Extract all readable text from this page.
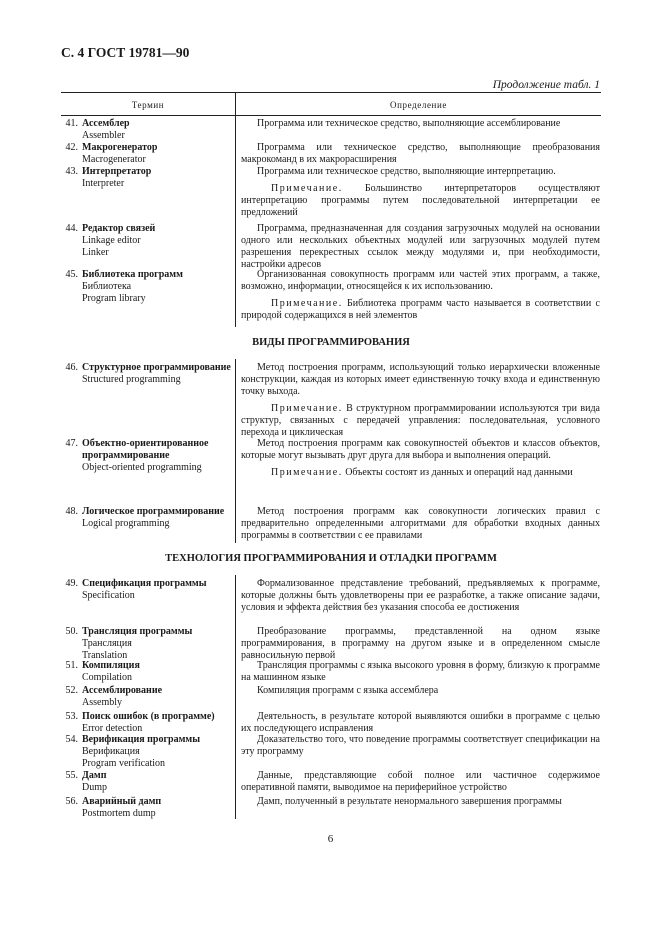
С. 4 ГОСТ 19781—90
Продолжение табл. 1
Термин	Определение
ВИДЫ ПРОГРАММИРОВАНИЯ
ТЕХНОЛОГИЯ ПРОГРАММИРОВАНИЯ И ОТЛАДКИ ПРОГРАММ
41. Ассемблер
Assembler
Программа или техническое средство, выполняющие ассемблирование
42. Макрогенератор
Macrogenerator
Программа или техническое средство, выполняющие преобразования макрокоманд в их макрорасширения
43. Интерпретатор
Interpreter
Программа или техническое средство, выполняющие интерпретацию.
Примечание. Большинство интерпретаторов осуществляют интерпретацию программы путем последовательной интерпретации ее предложений
44. Редактор связей
Linkage editor
Linker
Программа, предназначенная для создания загрузочных модулей на основании одного или нескольких объектных модулей или загрузочных модулей путем разрешения перекрестных ссылок между модулями и, при необходимости, настройки адресов
45. Библиотека программ
Библиотека
Program library
Организованная совокупность программ или частей этих программ, а также, возможно, информации, относящейся к их использованию.
Примечание. Библиотека программ часто называется в соответствии с природой содержащихся в ней элементов
46. Структурное программирование
Structured programming
Метод построения программ, использующий только иерархически вложенные конструкции, каждая из которых имеет единственную точку входа и единственную точку выхода.
Примечание. В структурном программировании используются три вида структур, связанных с передачей управления: последовательная, условного перехода и циклическая
47. Объектно-ориентированное программирование
Object-oriented programming
Метод построения программ как совокупностей объектов и классов объектов, которые могут вызывать друг друга для выбора и выполнения операций.
Примечание. Объекты состоят из данных и операций над данными
48. Логическое программирование
Logical programming
Метод построения программ как совокупности логических правил с предварительно определенными алгоритмами для обработки входных данных программы в соответствии с ее правилами
49. Спецификация программы
Specification
Формализованное представление требований, предъявляемых к программе, которые должны быть удовлетворены при ее разработке, а также описание задачи, условия и эффекта действия без указания способа ее достижения
50. Трансляция программы
Трансляция
Translation
Преобразование программы, представленной на одном языке программирования, в программу на другом языке и в определенном смысле равносильную первой
51. Компиляция
Compilation
Трансляция программы с языка высокого уровня в форму, близкую к программе на машинном языке
52. Ассемблирование
Assembly
Компиляция программ с языка ассемблера
53. Поиск ошибок (в программе)
Error detection
Деятельность, в результате которой выявляются ошибки в программе с целью их последующего исправления
54. Верификация программы
Верификация
Program verification
Доказательство того, что поведение программы соответствует спецификации на эту программу
55. Дамп
Dump
Данные, представляющие собой полное или частичное содержимое оперативной памяти, выводимое на периферийное устройство
56. Аварийный дамп
Postmortem dump
Дамп, полученный в результате ненормального завершения программы
6
